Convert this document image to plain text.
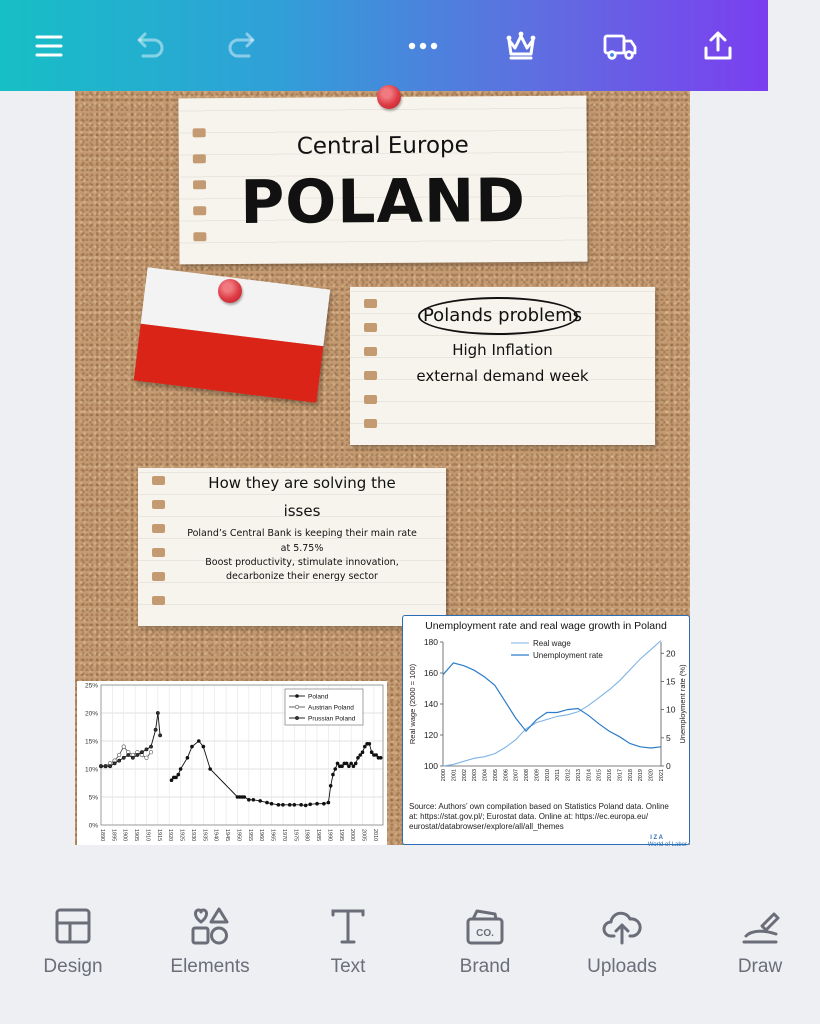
Central Europe
POLAND
Polands problems
High Inflation
external demand week
How they are solving the
isses
Poland’s Central Bank is keeping their main rate
at 5.75%
Boost productivity, stimulate innovation,
decarbonize their energy sector
25%
20%
15%
10%
5%
0%
1890 1895 1900 1905 1910 1915 1920 1925 1930 1935 1940 1945 1950 1955 1960 1965 1970 1975 1980 1985 1990 1995 2000 2005 2010
Poland
Austrian Poland
Prussian Poland
Unemployment rate and real wage growth in Poland
180
160
140
120
100
20
15
10
5
0
2000 2001 2002 2003 2004 2005 2006 2007 2008 2009 2010 2011 2012 2013 2014 2015 2016 2017 2018 2019 2020 2021
Real wage (2000 = 100)	Unemployment rate (%)
Real wage
Unemployment rate
Source: Authors’ own compilation based on Statistics Poland data. Online
at: https://stat.gov.pl/; Eurostat data. Online at: https://ec.europa.eu/
eurostat/databrowser/explore/all/all_themes
I Z A
World of Labor
Design	Elements	Text
CO.
Brand	Uploads	Draw
